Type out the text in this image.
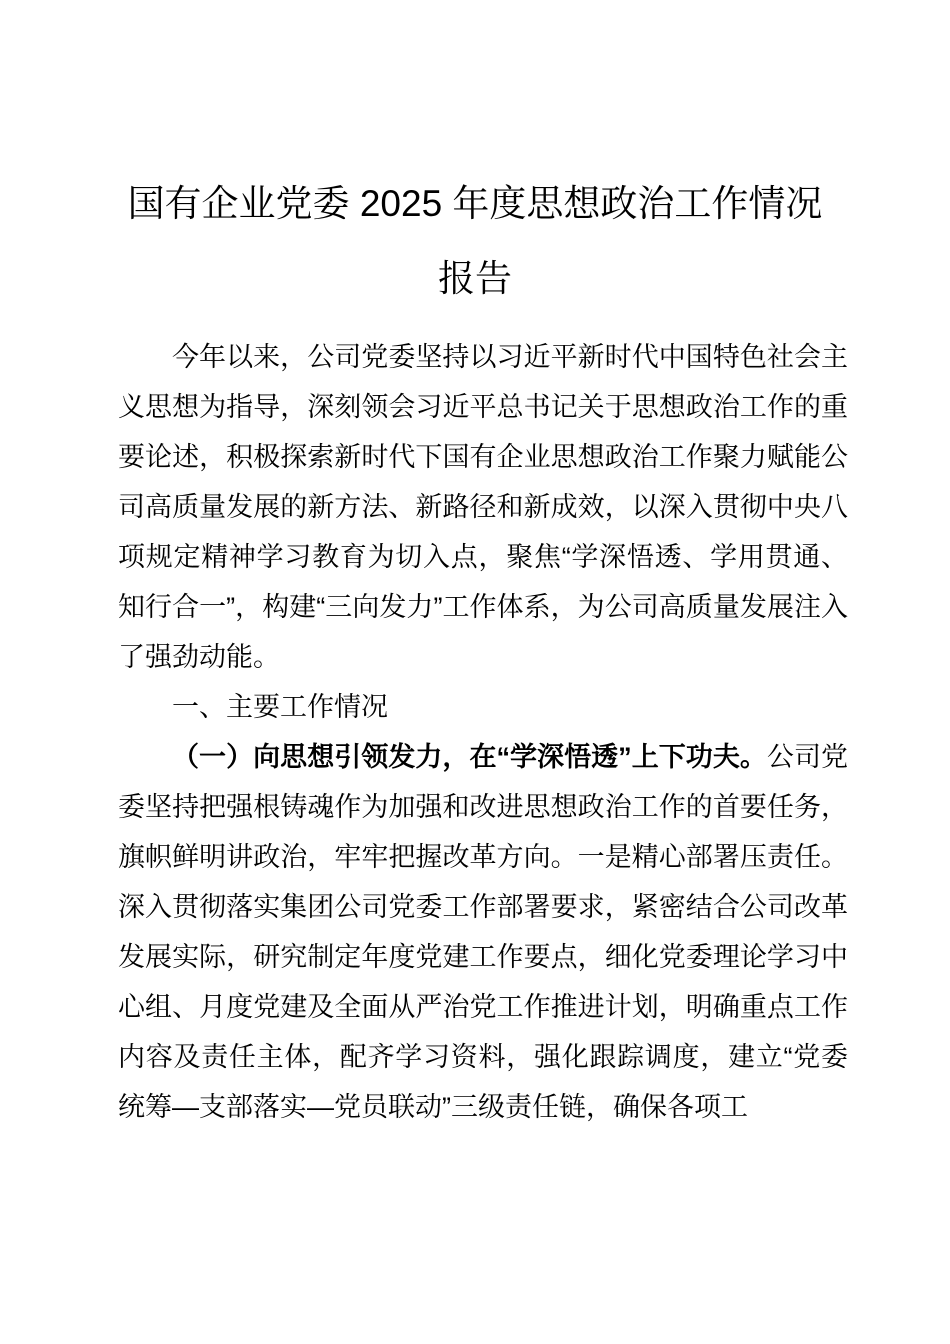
国有企业党委 2025 年度思想政治工作情况
报告

今年以来，公司党委坚持以习近平新时代中国特色社会主义思想为指导，深刻领会习近平总书记关于思想政治工作的重要论述，积极探索新时代下国有企业思想政治工作聚力赋能公司高质量发展的新方法、新路径和新成效，以深入贯彻中央八项规定精神学习教育为切入点，聚焦“学深悟透、学用贯通、知行合一”，构建“三向发力”工作体系，为公司高质量发展注入了强劲动能。

一、主要工作情况

（一）向思想引领发力，在“学深悟透”上下功夫。公司党委坚持把强根铸魂作为加强和改进思想政治工作的首要任务，旗帜鲜明讲政治，牢牢把握改革方向。一是精心部署压责任。深入贯彻落实集团公司党委工作部署要求，紧密结合公司改革发展实际，研究制定年度党建工作要点，细化党委理论学习中心组、月度党建及全面从严治党工作推进计划，明确重点工作内容及责任主体，配齐学习资料，强化跟踪调度，建立“党委统筹—支部落实—党员联动”三级责任链，确保各项工
